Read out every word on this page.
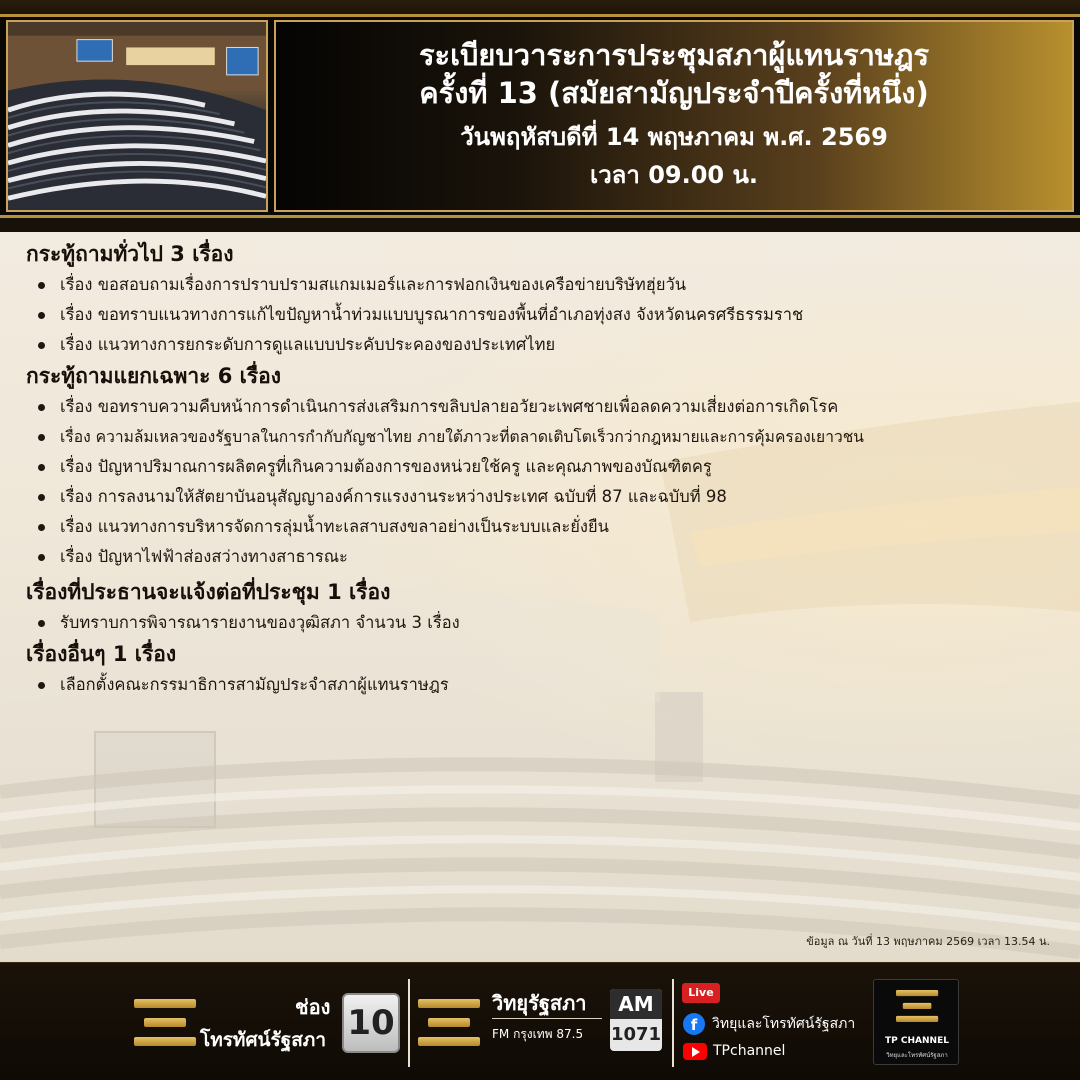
ระเบียบวาระการประชุมสภาผู้แทนราษฎร
ครั้งที่ 13 (สมัยสามัญประจำปีครั้งที่หนึ่ง)
วันพฤหัสบดีที่ 14 พฤษภาคม พ.ศ. 2569
เวลา 09.00 น.
กระทู้ถามทั่วไป 3 เรื่อง
เรื่อง ขอสอบถามเรื่องการปราบปรามสแกมเมอร์และการฟอกเงินของเครือข่ายบริษัทฮุ่ยวัน
เรื่อง ขอทราบแนวทางการแก้ไขปัญหาน้ำท่วมแบบบูรณาการของพื้นที่อำเภอทุ่งสง จังหวัดนครศรีธรรมราช
เรื่อง แนวทางการยกระดับการดูแลแบบประคับประคองของประเทศไทย
กระทู้ถามแยกเฉพาะ 6 เรื่อง
เรื่อง ขอทราบความคืบหน้าการดำเนินการส่งเสริมการขลิบปลายอวัยวะเพศชายเพื่อลดความเสี่ยงต่อการเกิดโรค
เรื่อง ความล้มเหลวของรัฐบาลในการกำกับกัญชาไทย ภายใต้ภาวะที่ตลาดเติบโตเร็วกว่ากฎหมายและการคุ้มครองเยาวชน
เรื่อง ปัญหาปริมาณการผลิตครูที่เกินความต้องการของหน่วยใช้ครู และคุณภาพของบัณฑิตครู
เรื่อง การลงนามให้สัตยาบันอนุสัญญาองค์การแรงงานระหว่างประเทศ ฉบับที่ 87 และฉบับที่ 98
เรื่อง แนวทางการบริหารจัดการลุ่มน้ำทะเลสาบสงขลาอย่างเป็นระบบและยั่งยืน
เรื่อง ปัญหาไฟฟ้าส่องสว่างทางสาธารณะ
เรื่องที่ประธานจะแจ้งต่อที่ประชุม 1 เรื่อง
รับทราบการพิจารณารายงานของวุฒิสภา จำนวน 3 เรื่อง
เรื่องอื่นๆ 1 เรื่อง
เลือกตั้งคณะกรรมาธิการสามัญประจำสภาผู้แทนราษฎร
ข้อมูล ณ วันที่ 13 พฤษภาคม 2569 เวลา 13.54 น.
ช่อง
โทรทัศน์รัฐสภา 10	วิทยุรัฐสภา
FM กรุงเทพ 87.5
AM
1071
Live
f	วิทยุและโทรทัศน์รัฐสภา
TPchannel
TP CHANNEL
วิทยุและโทรทัศน์รัฐสภา
